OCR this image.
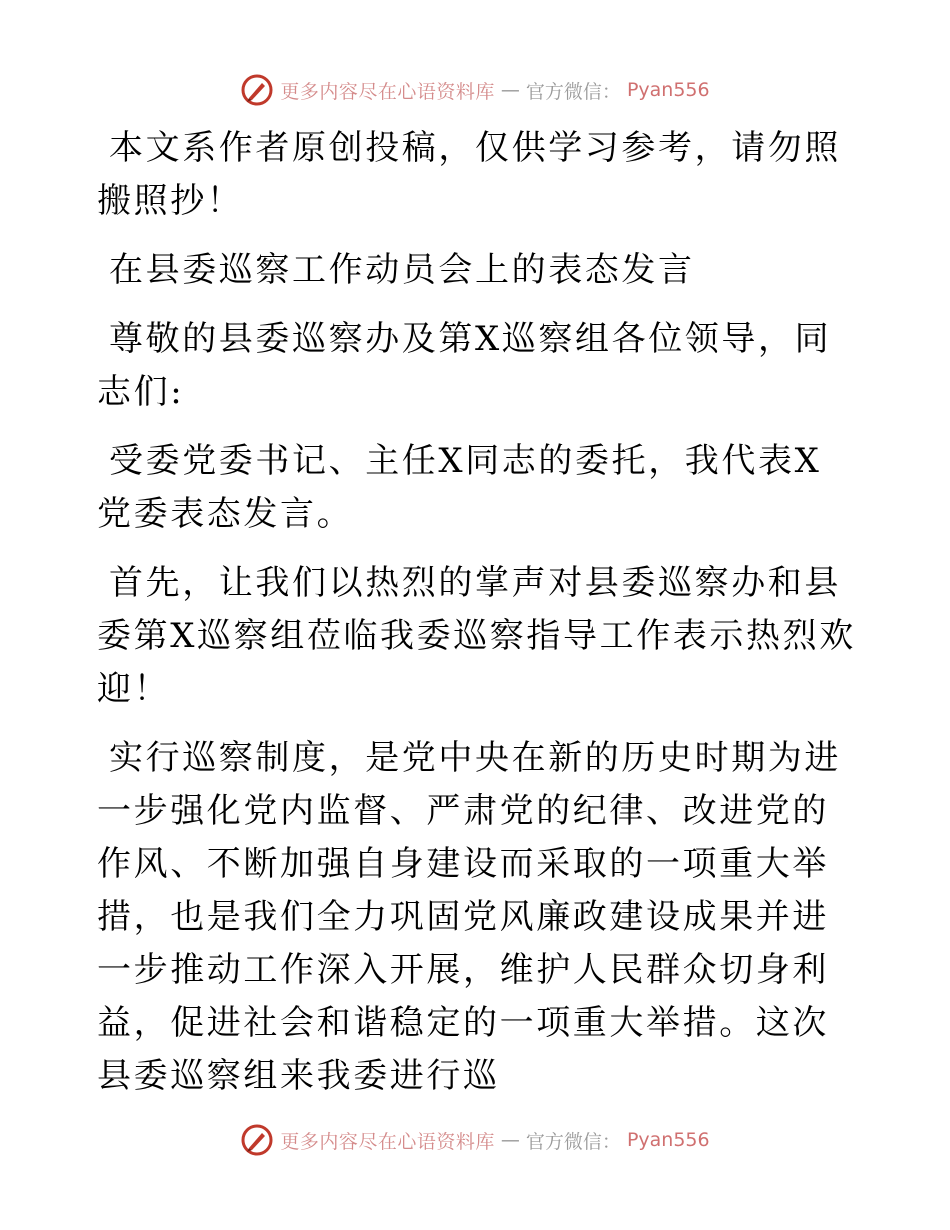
更多内容尽在心语资料库 — 官方微信： Pyan556

本文系作者原创投稿，仅供学习参考，请勿照搬照抄！

在县委巡察工作动员会上的表态发言

尊敬的县委巡察办及第X巡察组各位领导，同志们:

受委党委书记、主任X同志的委托，我代表X党委表态发言。

首先，让我们以热烈的掌声对县委巡察办和县委第X巡察组莅临我委巡察指导工作表示热烈欢迎！

实行巡察制度，是党中央在新的历史时期为进一步强化党内监督、严肃党的纪律、改进党的作风、不断加强自身建设而采取的一项重大举措，也是我们全力巩固党风廉政建设成果并进一步推动工作深入开展，维护人民群众切身利益，促进社会和谐稳定的一项重大举措。这次县委巡察组来我委进行巡

更多内容尽在心语资料库 — 官方微信： Pyan556
